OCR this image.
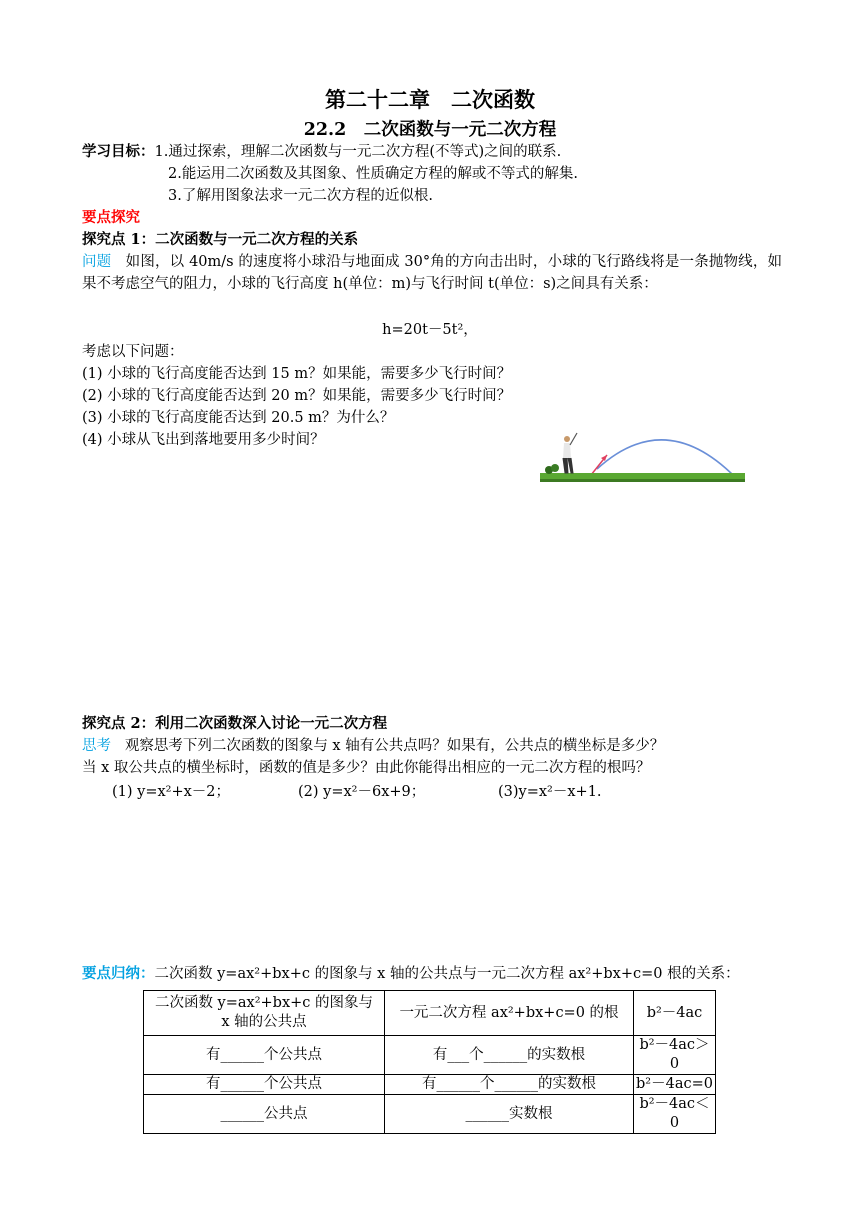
第二十二章　二次函数
22.2　二次函数与一元二次方程
学习目标：1.通过探索，理解二次函数与一元二次方程(不等式)之间的联系.
2.能运用二次函数及其图象、性质确定方程的解或不等式的解集.
3.了解用图象法求一元二次方程的近似根.
要点探究
探究点 1：二次函数与一元二次方程的关系
问题 如图，以 40m/s 的速度将小球沿与地面成 30°角的方向击出时，小球的飞行路线将是一条抛物线，如果不考虑空气的阻力，小球的飞行高度 h(单位：m)与飞行时间 t(单位：s)之间具有关系：
h=20t－5t²，
考虑以下问题：
(1) 小球的飞行高度能否达到 15 m？如果能，需要多少飞行时间？
(2) 小球的飞行高度能否达到 20 m？如果能，需要多少飞行时间？
(3) 小球的飞行高度能否达到 20.5 m？为什么？
(4) 小球从飞出到落地要用多少时间？
探究点 2：利用二次函数深入讨论一元二次方程
思考 观察思考下列二次函数的图象与 x 轴有公共点吗？如果有，公共点的横坐标是多少？
当 x 取公共点的横坐标时，函数的值是多少？由此你能得出相应的一元二次方程的根吗？
(1) y=x²+x－2；	(2) y=x²－6x+9；	(3)y=x²－x+1.
要点归纳：二次函数 y=ax²+bx+c 的图象与 x 轴的公共点与一元二次方程 ax²+bx+c=0 根的关系：
二次函数 y=ax²+bx+c 的图象与 x 轴的公共点	一元二次方程 ax²+bx+c=0 的根	b²－4ac
有______个公共点	有___个______的实数根	b²－4ac＞0
有______个公共点	有______个______的实数根	b²－4ac=0
______公共点	______实数根	b²－4ac＜0
